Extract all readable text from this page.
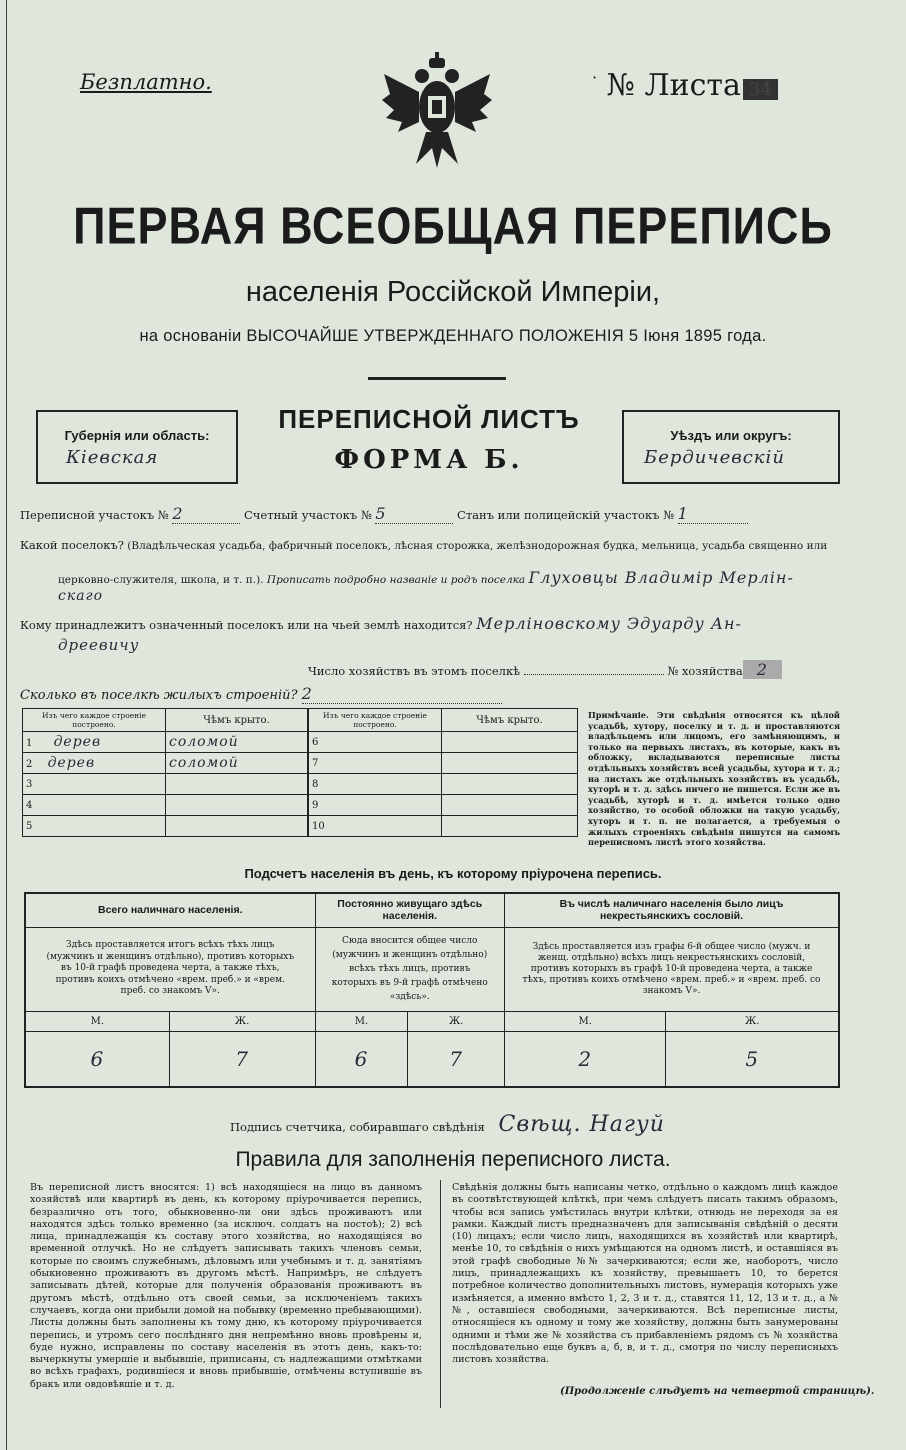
Безплатно.	· № Листа 34
ПЕРВАЯ ВСЕОБЩАЯ ПЕРЕПИСЬ
населенія Россійской Имперіи,
на основаніи ВЫСОЧАЙШЕ УТВЕРЖДЕННАГО ПОЛОЖЕНІЯ 5 Іюня 1895 года.
Губернія или область:
Кіевская
ПЕРЕПИСНОЙ ЛИСТЪ
ФОРМА Б.
Уѣздъ или округъ:
Бердичевскій
Переписной участокъ № 2	Счетный участокъ № 5	Станъ или полицейскій участокъ № 1
Какой поселокъ? (Владѣльческая усадьба, фабричный поселокъ, лѣсная сторожка, желѣзнодорожная будка, мельница, усадьба священно или
церковно-служителя, школа, и т. п.). Прописать подробно названіе и родъ поселка Глуховцы Владимір Мерлін-
скаго
Кому принадлежитъ означенный поселокъ или на чьей землѣ находится? Мерліновскому Эдуарду Ан-
дреевичу
Число хозяйствъ въ этомъ поселкѣ	№ хозяйства 2
Сколько въ поселкѣ жилыхъ строеній? 2
Изъ чего каждое строеніе построено.	Чѣмъ крыто.
1 дерев	соломой
2 дерев	соломой
3	
4	
5	
Изъ чего каждое строеніе построено.	Чѣмъ крыто.
6	
7	
8	
9	
10	
Примѣчаніе. Эти свѣдѣнія относятся къ цѣлой усадьбѣ, хутору, поселку и т. д. и проставляются владѣльцемъ или лицомъ, его замѣняющимъ, и только на первыхъ листахъ, въ которые, какъ въ обложку, вкладываются переписные листы отдѣльныхъ хозяйствъ всей усадьбы, хутора и т. д.; на листахъ же отдѣльныхъ хозяйствъ въ усадьбѣ, хуторѣ и т. д. здѣсь ничего не пишется. Если же въ усадьбѣ, хуторѣ и т. д. имѣется только одно хозяйство, то особой обложки на такую усадьбу, хуторъ и т. п. не полагается, а требуемыя о жилыхъ строеніяхъ свѣдѣнія пишутся на самомъ переписномъ листѣ этого хозяйства.
Подсчетъ населенія въ день, къ которому пріурочена перепись.
Всего наличнаго населенія.		Постоянно живущаго здѣсь населенія.		Въ числѣ наличнаго населенія было лицъ некрестьянскихъ сословій.	
Здѣсь проставляется итогъ всѣхъ тѣхъ лицъ (мужчинъ и женщинъ отдѣльно), противъ которыхъ въ 10-й графѣ проведена черта, а также тѣхъ, противъ коихъ отмѣчено «врем. преб.» и «врем. преб. со знакомъ V».		Сюда вносится общее число (мужчинъ и женщинъ отдѣльно) всѣхъ тѣхъ лицъ, противъ которыхъ въ 9-й графѣ отмѣчено «здѣсь».		Здѣсь проставляется изъ графы 6-й общее число (мужч. и женщ. отдѣльно) всѣхъ лицъ некрестьянскихъ сословій, противъ которыхъ въ графѣ 10-й проведена черта, а также тѣхъ, противъ коихъ отмѣчено «врем. преб.» и «врем. преб. со знакомъ V».	
М.	Ж.	М.	Ж.	М.	Ж.
6	7	6	7	2	5
Подпись счетчика, собиравшаго свѣдѣнія Свѣщ. Нагуй
Правила для заполненія переписного листа.
Въ переписной листъ вносятся: 1) всѣ находящіеся на лицо въ данномъ хозяйствѣ или квартирѣ въ день, къ которому пріурочивается перепись, безразлично отъ того, обыкновенно-ли они здѣсь проживаютъ или находятся здѣсь только временно (за исключ. солдатъ на постоѣ); 2) всѣ лица, принадлежащія къ составу этого хозяйства, но находящіяся во временной отлучкѣ. Но не слѣдуетъ записывать такихъ членовъ семьи, которые по своимъ служебнымъ, дѣловымъ или учебнымъ и т. д. занятіямъ обыкновенно проживаютъ въ другомъ мѣстѣ. Напримѣръ, не слѣдуетъ записывать дѣтей, которые для полученія образованія проживаютъ въ другомъ мѣстѣ, отдѣльно отъ своей семьи, за исключеніемъ такихъ случаевъ, когда они прибыли домой на побывку (временно пребывающими). Листы должны быть заполнены къ тому дню, къ которому пріурочивается перепись, и утромъ сего послѣдняго дня непремѣнно вновь провѣрены и, буде нужно, исправлены по составу населенія въ этотъ день, какъ-то: вычеркнуты умершіе и выбывшіе, приписаны, съ надлежащими отмѣтками во всѣхъ графахъ, родившіеся и вновь прибывшіе, отмѣчены вступившіе въ бракъ или овдовѣвшіе и т. д.
Свѣдѣнія должны быть написаны четко, отдѣльно о каждомъ лицѣ каждое въ соотвѣтствующей клѣткѣ, при чемъ слѣдуетъ писать такимъ образомъ, чтобы вся запись умѣстилась внутри клѣтки, отнюдь не переходя за ея рамки. Каждый листъ предназначенъ для записыванія свѣдѣній о десяти (10) лицахъ; если число лицъ, находящихся въ хозяйствѣ или квартирѣ, менѣе 10, то свѣдѣнія о нихъ умѣщаются на одномъ листѣ, и оставшіяся въ этой графѣ свободные №№ зачеркиваются; если же, наоборотъ, число лицъ, принадлежащихъ къ хозяйству, превышаетъ 10, то берется потребное количество дополнительныхъ листовъ, нумерація которыхъ уже измѣняется, а именно вмѣсто 1, 2, 3 и т. д., ставятся 11, 12, 13 и т. д., а №№, оставшіеся свободными, зачеркиваются. Всѣ переписные листы, относящіеся къ одному и тому же хозяйству, должны быть занумерованы одними и тѣми же № хозяйства съ прибавленіемъ рядомъ съ № хозяйства послѣдовательно еще буквъ а, б, в, и т. д., смотря по числу переписныхъ листовъ хозяйства.
(Продолженіе слѣдуетъ на четвертой страницѣ).
